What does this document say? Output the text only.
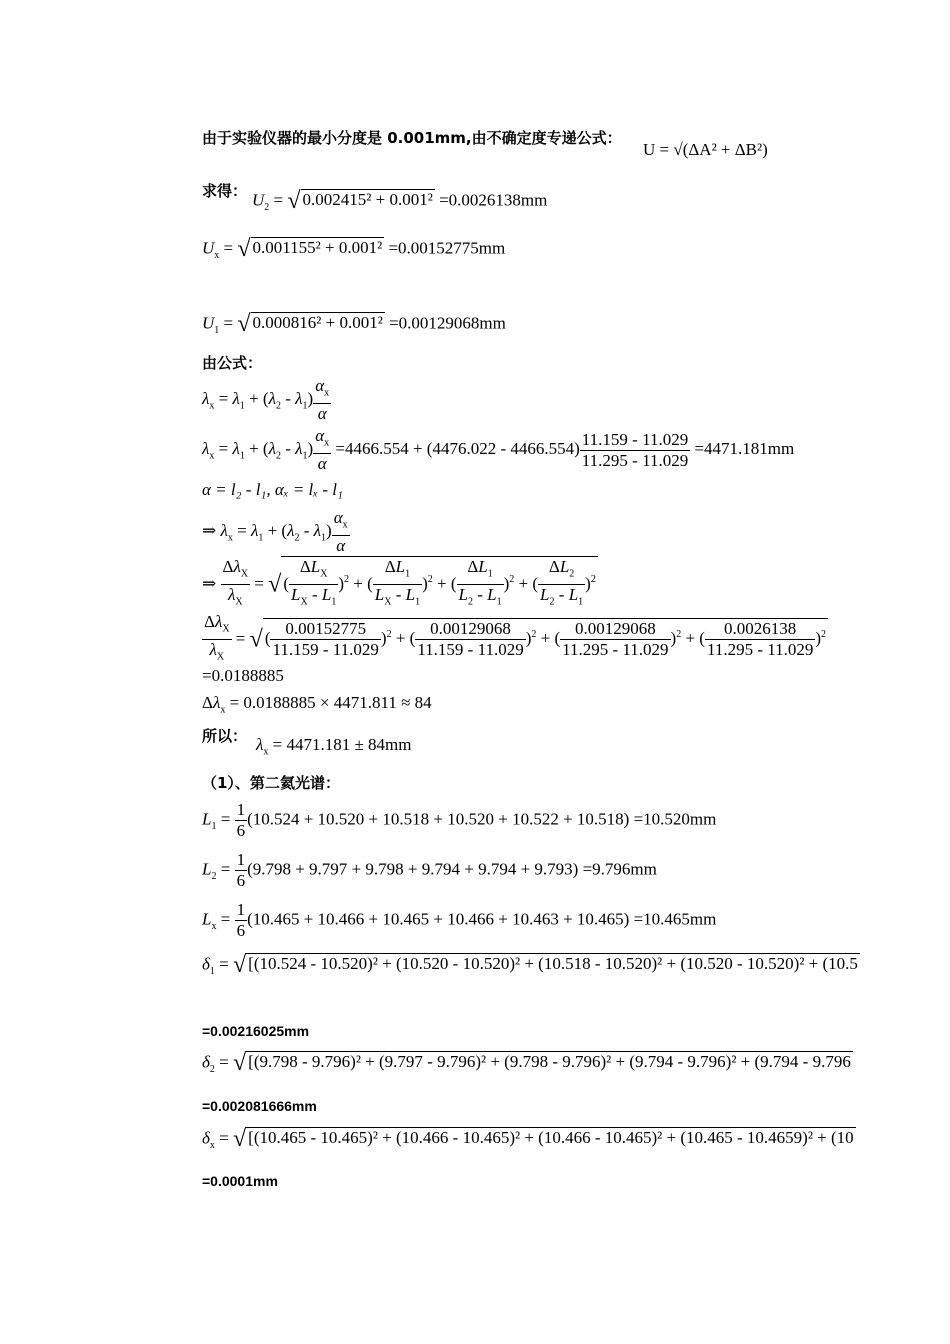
由于实验仪器的最小分度是 0.001mm,由不确定度专递公式：
U = √(ΔA² + ΔB²)
求得： $U_2$ = √ 0.002415² + 0.001² =0.0026138mm
$U_x$ = √ 0.001155² + 0.001² =0.00152775mm
$U_1$ = √ 0.000816² + 0.001² =0.00129068mm
由公式：
$\lambda_x = \lambda_1 + (\lambda_2 - \lambda_1) \frac{\alpha_x}{\alpha}$
$\lambda_x = \lambda_1 + (\lambda_2 - \lambda_1) \frac{\alpha_x}{\alpha} =4466.554 + (4476.022 - 4466.554) \frac{11.159 - 11.029}{11.295 - 11.029} =4471.181mm$
α = l₂ - l₁, αₓ = lₓ - l₁
⇒ $\lambda_x = \lambda_1 + (\lambda_2 - \lambda_1) \frac{\alpha_x}{\alpha}$
⇒ $\frac{\Delta\lambda_X}{\lambda_X}$ = √ ( $\frac{\Delta L_X}{L_X - L_1} )^2$ + ( $\frac{\Delta L_1}{L_X - L_1} )^2$ + ( $\frac{\Delta L_1}{L_2 - L_1} )^2$ + ( $\frac{\Delta L_2}{L_2 - L_1} )^2$
$\frac{\Delta\lambda_X}{\lambda_X}$ = √ ( $\frac{0.00152775}{11.159 - 11.029} )^2$ + ( $\frac{0.00129068}{11.159 - 11.029} )^2$ + ( $\frac{0.00129068}{11.295 - 11.029} )^2$ + ( $\frac{0.0026138}{11.295 - 11.029} )^2$
=0.0188885
$\Delta\lambda_x = 0.0188885 \times 4471.811 \approx 84$
所以： $\lambda_x = 4471.181 \pm 84mm$
（1）、第二氦光谱：
$L_1 = \frac{1}{6} (10.524 + 10.520 + 10.518 + 10.520 + 10.522 + 10.518) =10.520mm$
$L_2 = \frac{1}{6} (9.798 + 9.797 + 9.798 + 9.794 + 9.794 + 9.793) =9.796mm$
$L_x = \frac{1}{6} (10.465 + 10.466 + 10.465 + 10.466 + 10.463 + 10.465) =10.465mm$
$\delta_1$ = √ [(10.524 - 10.520)² + (10.520 - 10.520)² + (10.518 - 10.520)² + (10.520 - 10.520)² + (10.5
=0.00216025mm
$\delta_2$ = √ [(9.798 - 9.796)² + (9.797 - 9.796)² + (9.798 - 9.796)² + (9.794 - 9.796)² + (9.794 - 9.796
=0.002081666mm
$\delta_x$ = √ [(10.465 - 10.465)² + (10.466 - 10.465)² + (10.466 - 10.465)² + (10.465 - 10.4659)² + (10
=0.0001mm
